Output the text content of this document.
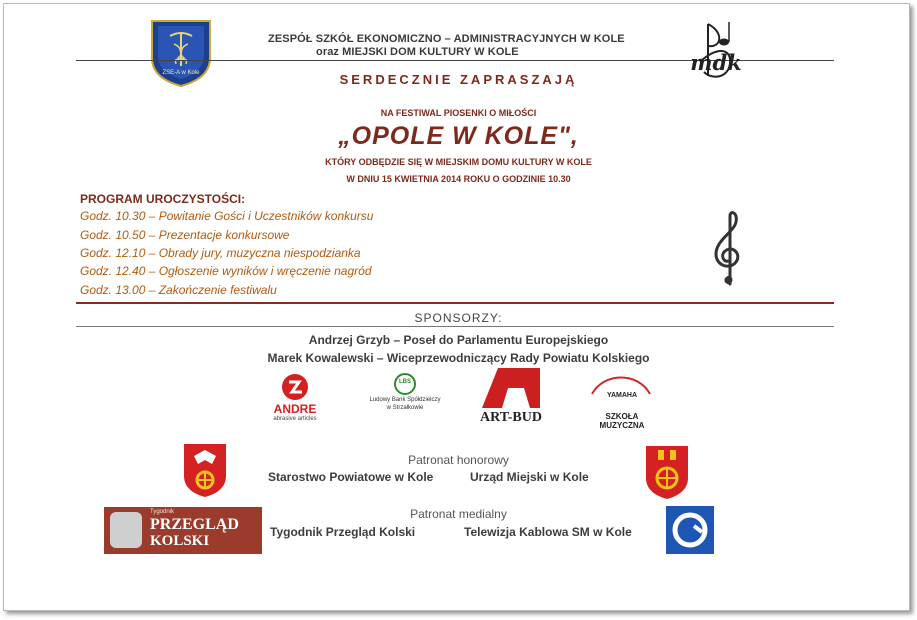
ZSE-A w Kole
ZESPÓŁ SZKÓŁ EKONOMICZNO – ADMINISTRACYJNYCH W KOLE
oraz MIEJSKI DOM KULTURY W KOLE	mdk
SERDECZNIE ZAPRASZAJĄ
NA FESTIWAL PIOSENKI O MIŁOŚCI
„OPOLE W KOLE",
KTÓRY ODBĘDZIE SIĘ W MIEJSKIM DOMU KULTURY W KOLE
W DNIU 15 KWIETNIA 2014 ROKU O GODZINIE 10.30
PROGRAM UROCZYSTOŚCI:
Godz. 10.30 – Powitanie Gości i Uczestników konkursu
Godz. 10.50 – Prezentacje konkursowe
Godz. 12.10 – Obrady jury, muzyczna niespodzianka
Godz. 12.40 – Ogłoszenie wyników i wręczenie nagród
Godz. 13.00 – Zakończenie festiwalu
SPONSORZY:
Andrzej Grzyb – Poseł do Parlamentu Europejskiego
Marek Kowalewski – Wiceprzewodniczący Rady Powiatu Kolskiego
ANDRE
abrasive articles
LBS
Ludowy Bank Spółdzielczy
w Strzałkowie
ART-BUD
YAMAHA
SZKOŁA MUZYCZNA
Patronat honorowy
Starostwo Powiatowe w Kole	Urząd Miejski w Kole
Tygodnik
PRZEGLĄD
KOLSKI
Patronat medialny
Tygodnik Przegląd Kolski	Telewizja Kablowa SM w Kole
